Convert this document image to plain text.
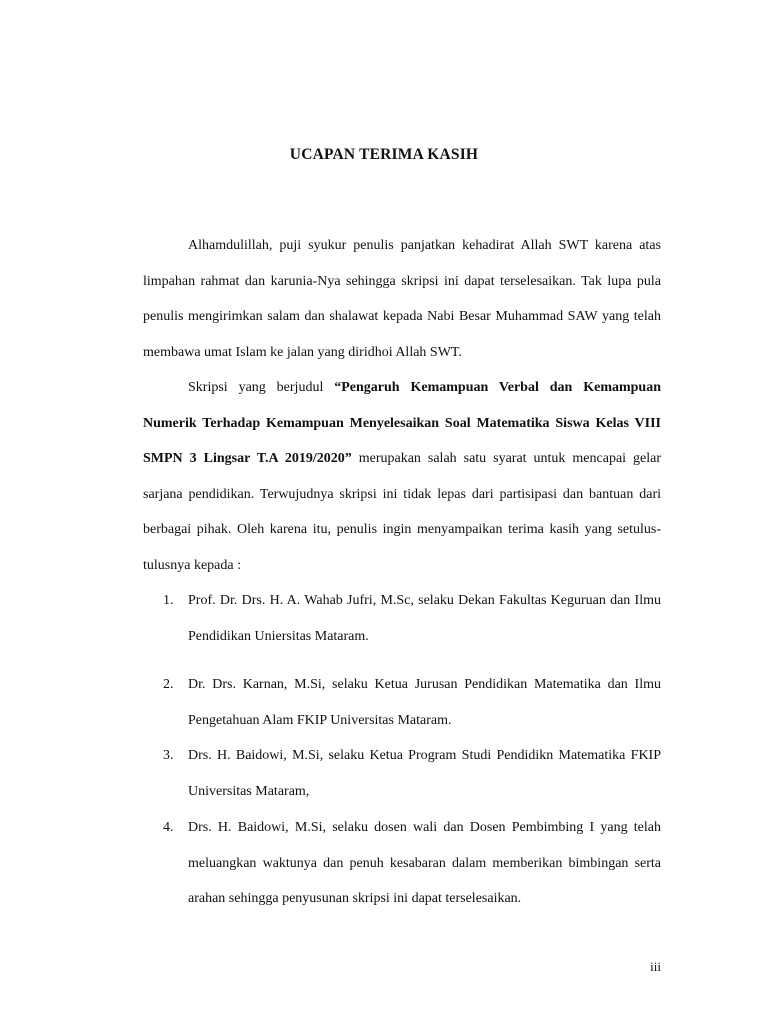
UCAPAN TERIMA KASIH

Alhamdulillah, puji syukur penulis panjatkan kehadirat Allah SWT karena atas limpahan rahmat dan karunia-Nya sehingga skripsi ini dapat terselesaikan. Tak lupa pula penulis mengirimkan salam dan shalawat kepada Nabi Besar Muhammad SAW yang telah membawa umat Islam ke jalan yang diridhoi Allah SWT.

Skripsi yang berjudul “Pengaruh Kemampuan Verbal dan Kemampuan Numerik Terhadap Kemampuan Menyelesaikan Soal Matematika Siswa Kelas VIII SMPN 3 Lingsar T.A 2019/2020” merupakan salah satu syarat untuk mencapai gelar sarjana pendidikan. Terwujudnya skripsi ini tidak lepas dari partisipasi dan bantuan dari berbagai pihak. Oleh karena itu, penulis ingin menyampaikan terima kasih yang setulus-tulusnya kepada :

1. Prof. Dr. Drs. H. A. Wahab Jufri, M.Sc, selaku Dekan Fakultas Keguruan dan Ilmu Pendidikan Uniersitas Mataram.
2. Dr. Drs. Karnan, M.Si, selaku Ketua Jurusan Pendidikan Matematika dan Ilmu Pengetahuan Alam FKIP Universitas Mataram.
3. Drs. H. Baidowi, M.Si, selaku Ketua Program Studi Pendidikn Matematika FKIP Universitas Mataram,
4. Drs. H. Baidowi, M.Si, selaku dosen wali dan Dosen Pembimbing I yang telah meluangkan waktunya dan penuh kesabaran dalam memberikan bimbingan serta arahan sehingga penyusunan skripsi ini dapat terselesaikan.
iii
